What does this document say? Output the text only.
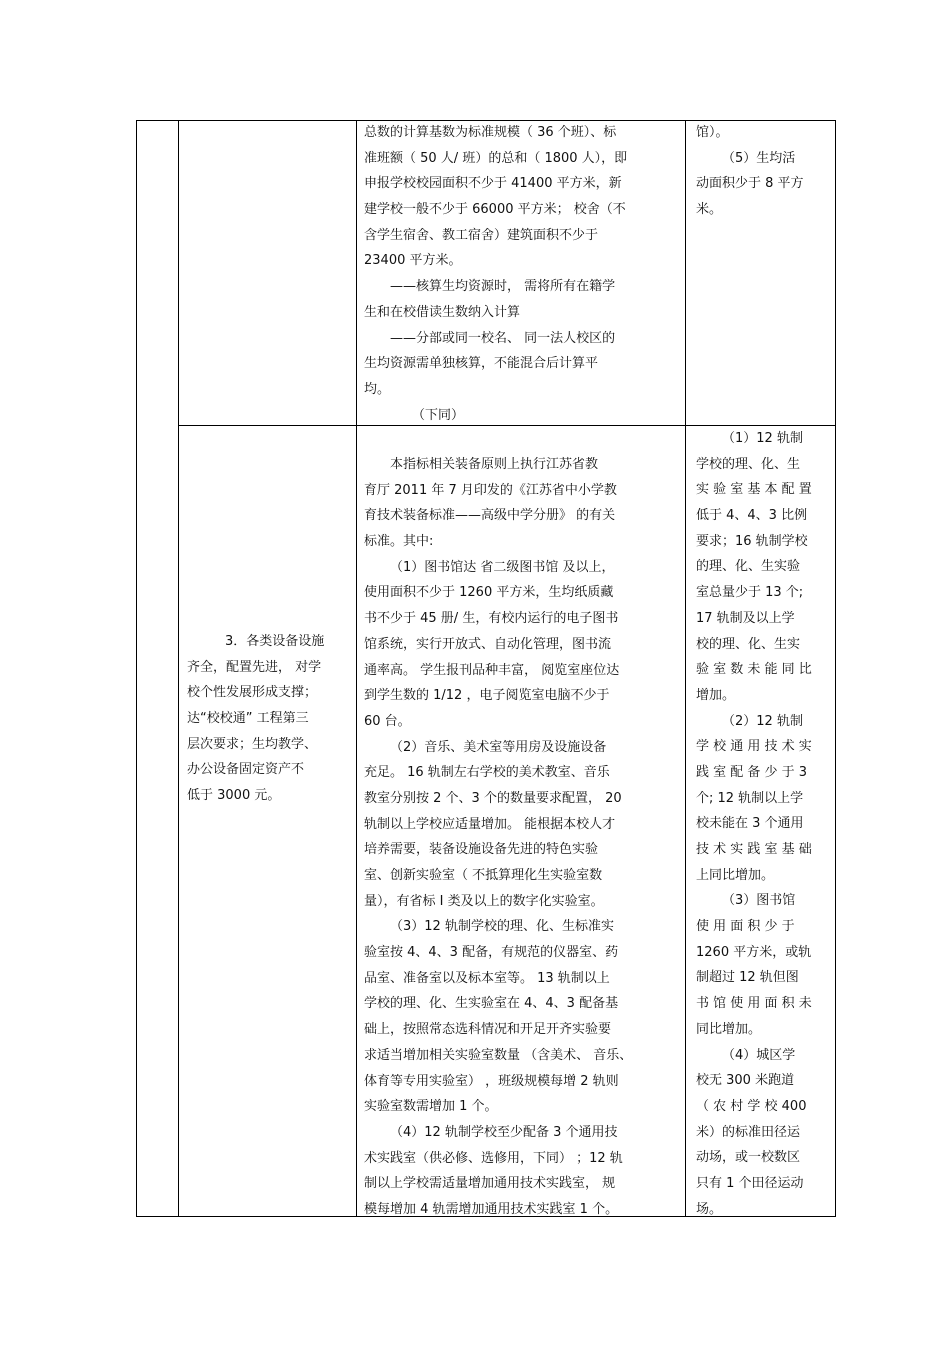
总数的计算基数为标准规模（ 36 个班）、标
准班额（ 50 人/ 班）的总和（ 1800 人），即
申报学校校园面积不少于 41400 平方米，新
建学校一般不少于 66000 平方米； 校舍（不
含学生宿舍、教工宿舍）建筑面积不少于
23400 平方米。
——核算生均资源时， 需将所有在籍学
生和在校借读生数纳入计算
——分部或同一校名、 同一法人校区的
生均资源需单独核算，不能混合后计算平
均。
（下同）
馆）。
（5）生均活
动面积少于 8 平方
米。
3．各类设备设施
齐全，配置先进， 对学
校个性发展形成支撑；
达“校校通” 工程第三
层次要求；生均教学、
办公设备固定资产不
低于 3000 元。
本指标相关装备原则上执行江苏省教
育厅 2011 年 7 月印发的《江苏省中小学教
育技术装备标准——高级中学分册》 的有关
标准。其中:
（1）图书馆达 省二级图书馆 及以上，
使用面积不少于 1260 平方米，生均纸质藏
书不少于 45 册/ 生，有校内运行的电子图书
馆系统，实行开放式、自动化管理，图书流
通率高。 学生报刊品种丰富， 阅览室座位达
到学生数的 1/12 ，电子阅览室电脑不少于
60 台。
（2）音乐、美术室等用房及设施设备
充足。 16 轨制左右学校的美术教室、音乐
教室分别按 2 个、3 个的数量要求配置， 20
轨制以上学校应适量增加。 能根据本校人才
培养需要，装备设施设备先进的特色实验
室、创新实验室（ 不抵算理化生实验室数
量），有省标 I 类及以上的数字化实验室。
（3）12 轨制学校的理、化、生标准实
验室按 4、4、3 配备，有规范的仪器室、药
品室、准备室以及标本室等。 13 轨制以上
学校的理、化、生实验室在 4、4、3 配备基
础上，按照常态选科情况和开足开齐实验要
求适当增加相关实验室数量 （含美术、 音乐、
体育等专用实验室） ，班级规模每增 2 轨则
实验室数需增加 1 个。
（4）12 轨制学校至少配备 3 个通用技
术实践室（供必修、选修用，下同） ；12 轨
制以上学校需适量增加通用技术实践室， 规
模每增加 4 轨需增加通用技术实践室 1 个。
（1）12 轨制
学校的理、化、生
实 验 室 基 本 配 置
低于 4、4、3 比例
要求；16 轨制学校
的理、化、生实验
室总量少于 13 个;
17 轨制及以上学
校的理、化、生实
验 室 数 未 能 同 比
增加。
（2）12 轨制
学 校 通 用 技 术 实
践 室 配 备 少 于 3
个; 12 轨制以上学
校未能在 3 个通用
技 术 实 践 室 基 础
上同比增加。
（3）图书馆
使 用 面 积 少 于
1260 平方米，或轨
制超过 12 轨但图
书 馆 使 用 面 积 未
同比增加。
（4）城区学
校无 300 米跑道
（ 农 村 学 校 400
米）的标准田径运
动场，或一校数区
只有 1 个田径运动
场。
